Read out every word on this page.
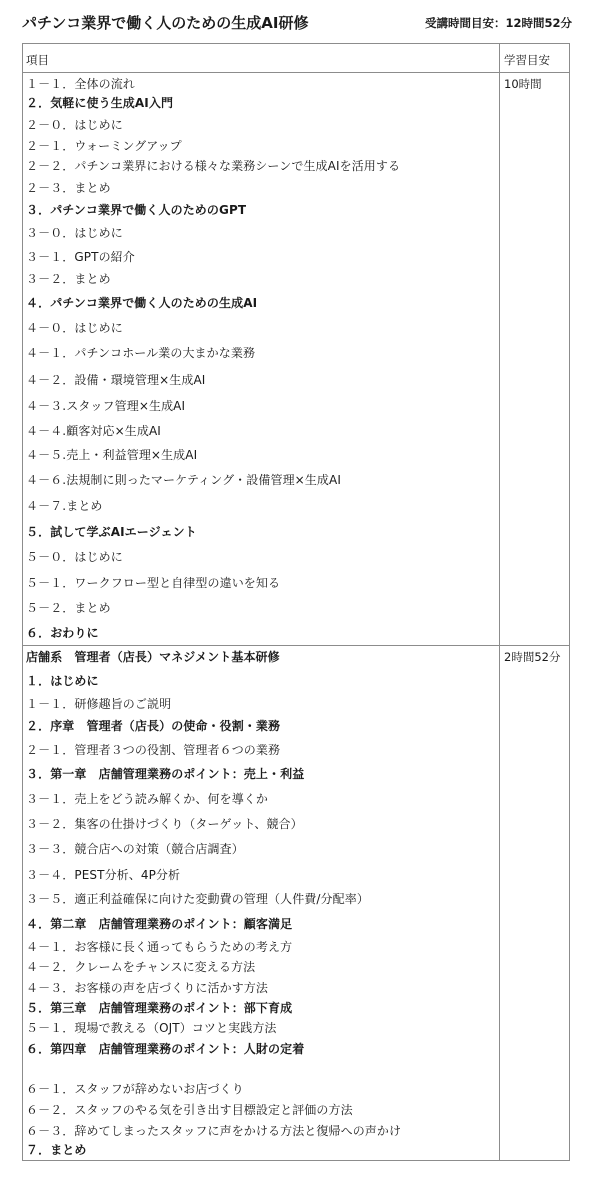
パチンコ業界で働く人のための生成AI研修	受講時間目安：12時間52分
項目	学習目安
10時間
2時間52分
１－１．全体の流れ
２．気軽に使う生成AI入門
２－０．はじめに
２－１．ウォーミングアップ
２－２．パチンコ業界における様々な業務シーンで生成AIを活用する
２－３．まとめ
３．パチンコ業界で働く人のためのGPT
３－０．はじめに
３－１．GPTの紹介
３－２．まとめ
４．パチンコ業界で働く人のための生成AI
４－０．はじめに
４－１．パチンコホール業の大まかな業務
４－２．設備・環境管理×生成AI
４－３.スタッフ管理×生成AI
４－４.顧客対応×生成AI
４－５.売上・利益管理×生成AI
４－６.法規制に則ったマーケティング・設備管理×生成AI
４－７.まとめ
５．試して学ぶAIエージェント
５－０．はじめに
５－１．ワークフロー型と自律型の違いを知る
５－２．まとめ
６．おわりに
店舗系　管理者（店長）マネジメント基本研修
１．はじめに
１－１．研修趣旨のご説明
２．序章　管理者（店長）の使命・役割・業務
２－１．管理者３つの役割、管理者６つの業務
３．第一章　店舗管理業務のポイント：売上・利益
３－１．売上をどう読み解くか、何を導くか
３－２．集客の仕掛けづくり（ターゲット、競合）
３－３．競合店への対策（競合店調査）
３－４．PEST分析、4P分析
３－５．適正利益確保に向けた変動費の管理（人件費/分配率）
４．第二章　店舗管理業務のポイント：顧客満足
４－１．お客様に長く通ってもらうための考え方
４－２．クレームをチャンスに変える方法
４－３．お客様の声を店づくりに活かす方法
５．第三章　店舗管理業務のポイント：部下育成
５－１．現場で教える（OJT）コツと実践方法
６．第四章　店舗管理業務のポイント：人財の定着
６－１．スタッフが辞めないお店づくり
６－２．スタッフのやる気を引き出す目標設定と評価の方法
６－３．辞めてしまったスタッフに声をかける方法と復帰への声かけ
７．まとめ
